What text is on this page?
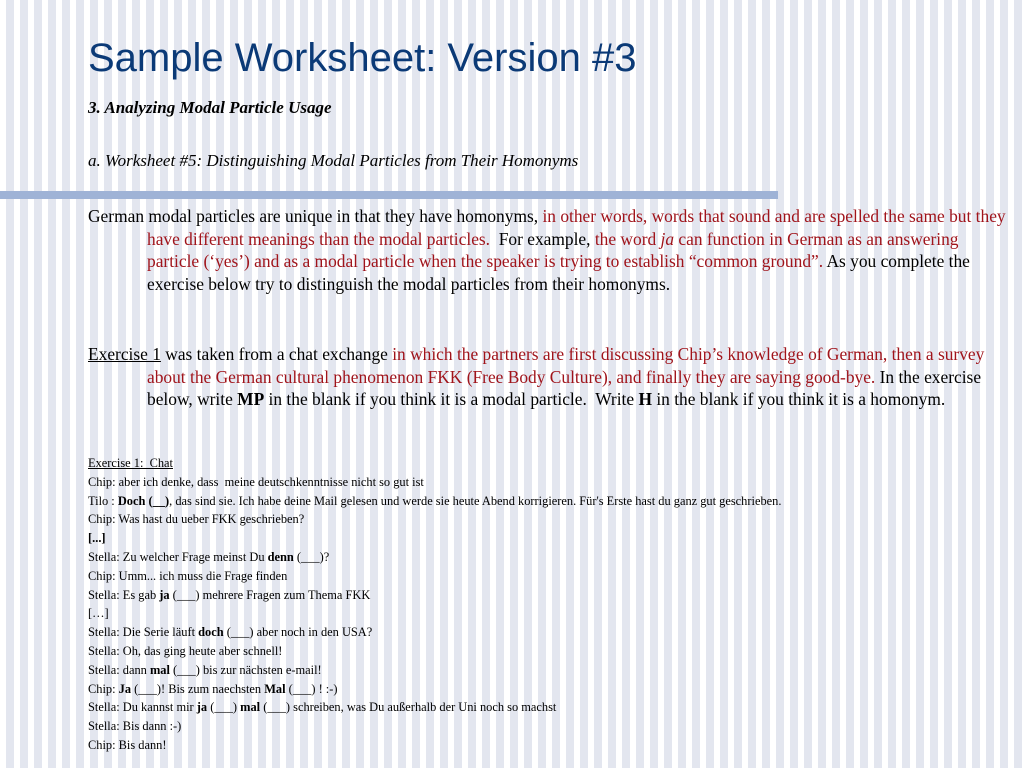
Sample Worksheet: Version #3
3. Analyzing Modal Particle Usage
a. Worksheet #5: Distinguishing Modal Particles from Their Homonyms

German modal particles are unique in that they have homonyms, in other words, words that sound and are spelled the same but they have different meanings than the modal particles.  For example, the word ja can function in German as an answering particle (‘yes’) and as a modal particle when the speaker is trying to establish “common ground”. As you complete the exercise below try to distinguish the modal particles from their homonyms.

Exercise 1 was taken from a chat exchange in which the partners are first discussing Chip’s knowledge of German, then a survey about the German cultural phenomenon FKK (Free Body Culture), and finally they are saying good-bye. In the exercise below, write MP in the blank if you think it is a modal particle.  Write H in the blank if you think it is a homonym.

Exercise 1:  Chat
Chip: aber ich denke, dass  meine deutschkenntnisse nicht so gut ist
Tilo : Doch (__), das sind sie. Ich habe deine Mail gelesen und werde sie heute Abend korrigieren. Für's Erste hast du ganz gut geschrieben.
Chip: Was hast du ueber FKK geschrieben?
[...]
Stella: Zu welcher Frage meinst Du denn (___)?
Chip: Umm... ich muss die Frage finden
Stella: Es gab ja (___) mehrere Fragen zum Thema FKK
[…]
Stella: Die Serie läuft doch (___) aber noch in den USA?
Stella: Oh, das ging heute aber schnell!
Stella: dann mal (___) bis zur nächsten e-mail!
Chip: Ja (___)! Bis zum naechsten Mal (___) ! :-)
Stella: Du kannst mir ja (___) mal (___) schreiben, was Du außerhalb der Uni noch so machst
Stella: Bis dann :-)
Chip: Bis dann!
